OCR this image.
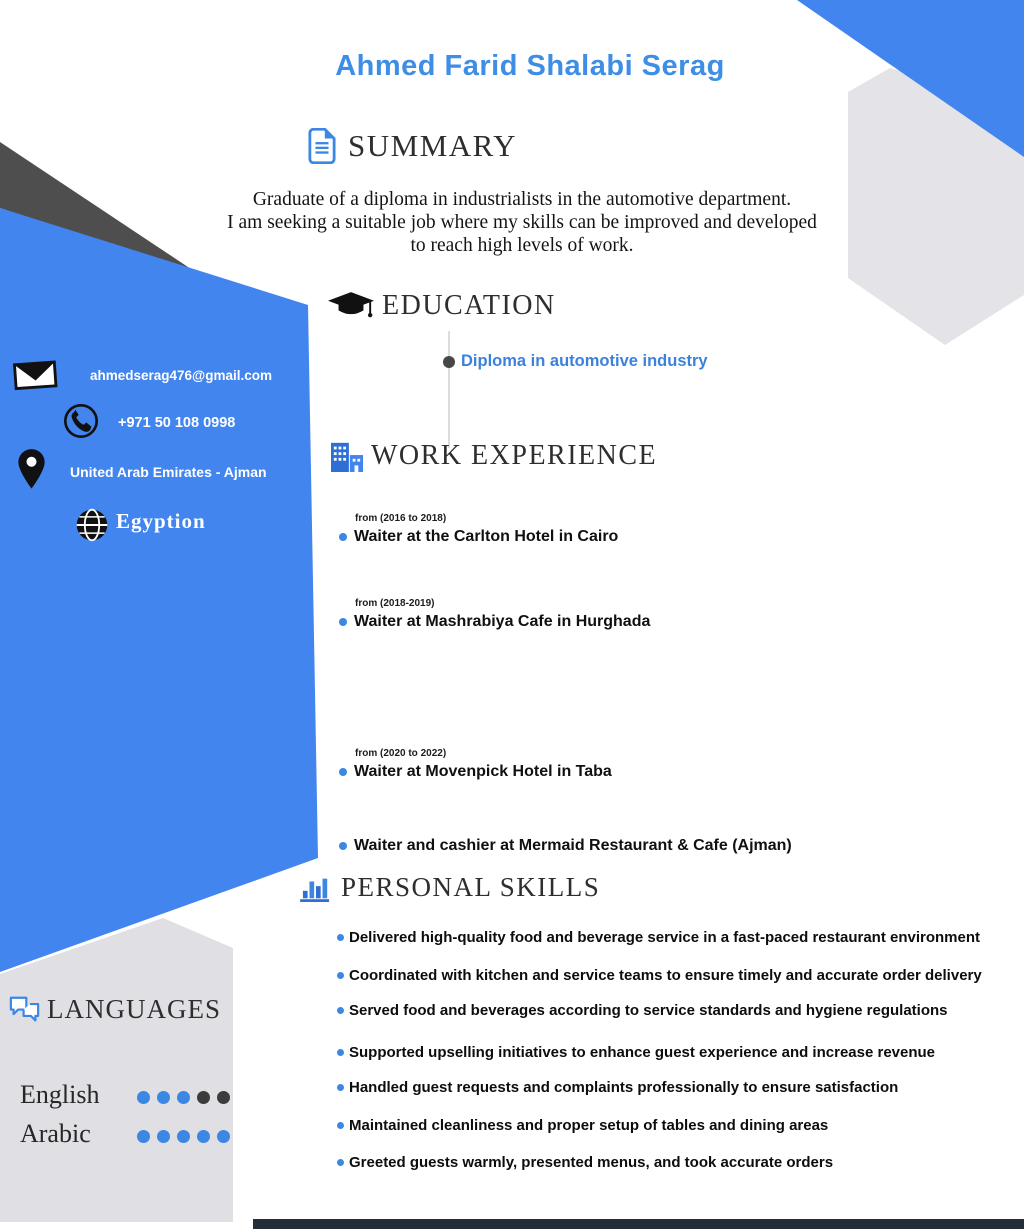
Ahmed Farid Shalabi Serag
SUMMARY
Graduate of a diploma in industrialists in the automotive department.
I am seeking a suitable job where my skills can be improved and developed
to reach high levels of work.
ahmedserag476@gmail.com
+971 50 108 0998
United Arab Emirates - Ajman
Egyption
EDUCATION
Diploma in automotive industry
WORK EXPERIENCE
from (2016 to 2018)
Waiter at the Carlton Hotel in Cairo
from (2018-2019)
Waiter at Mashrabiya Cafe in Hurghada
from (2020 to 2022)
Waiter at Movenpick Hotel in Taba
Waiter and cashier at Mermaid Restaurant & Cafe (Ajman)
PERSONAL SKILLS
Delivered high-quality food and beverage service in a fast-paced restaurant environment
Coordinated with kitchen and service teams to ensure timely and accurate order delivery
Served food and beverages according to service standards and hygiene regulations
Supported upselling initiatives to enhance guest experience and increase revenue
Handled guest requests and complaints professionally to ensure satisfaction
Maintained cleanliness and proper setup of tables and dining areas
Greeted guests warmly, presented menus, and took accurate orders
LANGUAGES
English
Arabic
